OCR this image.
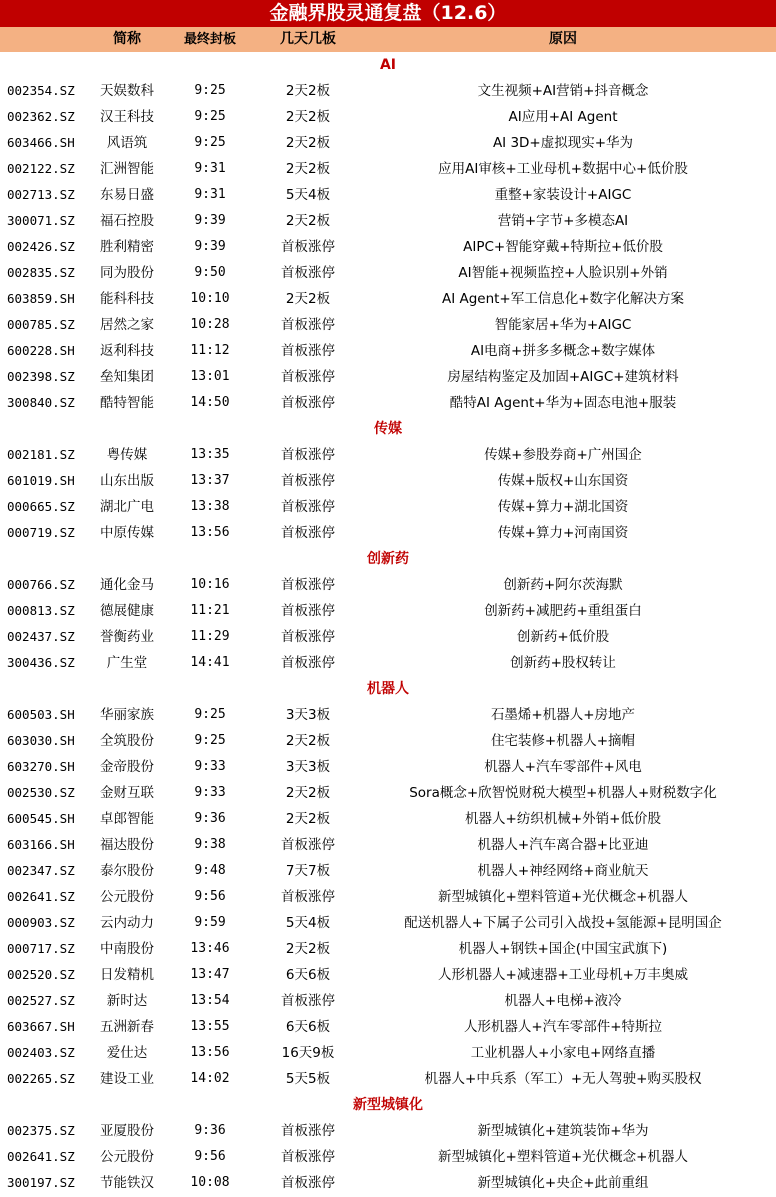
金融界股灵通复盘（12.6）
简称	最终封板	几天几板	原因
AI
002354.SZ	天娱数科	9:25	2天2板	文生视频+AI营销+抖音概念
002362.SZ	汉王科技	9:25	2天2板	AI应用+AI Agent
603466.SH	风语筑	9:25	2天2板	AI 3D+虚拟现实+华为
002122.SZ	汇洲智能	9:31	2天2板	应用AI审核+工业母机+数据中心+低价股
002713.SZ	东易日盛	9:31	5天4板	重整+家装设计+AIGC
300071.SZ	福石控股	9:39	2天2板	营销+字节+多模态AI
002426.SZ	胜利精密	9:39	首板涨停	AIPC+智能穿戴+特斯拉+低价股
002835.SZ	同为股份	9:50	首板涨停	AI智能+视频监控+人脸识别+外销
603859.SH	能科科技	10:10	2天2板	AI Agent+军工信息化+数字化解决方案
000785.SZ	居然之家	10:28	首板涨停	智能家居+华为+AIGC
600228.SH	返利科技	11:12	首板涨停	AI电商+拼多多概念+数字媒体
002398.SZ	垒知集团	13:01	首板涨停	房屋结构鉴定及加固+AIGC+建筑材料
300840.SZ	酷特智能	14:50	首板涨停	酷特AI Agent+华为+固态电池+服装
传媒
002181.SZ	粤传媒	13:35	首板涨停	传媒+参股券商+广州国企
601019.SH	山东出版	13:37	首板涨停	传媒+版权+山东国资
000665.SZ	湖北广电	13:38	首板涨停	传媒+算力+湖北国资
000719.SZ	中原传媒	13:56	首板涨停	传媒+算力+河南国资
创新药
000766.SZ	通化金马	10:16	首板涨停	创新药+阿尔茨海默
000813.SZ	德展健康	11:21	首板涨停	创新药+减肥药+重组蛋白
002437.SZ	誉衡药业	11:29	首板涨停	创新药+低价股
300436.SZ	广生堂	14:41	首板涨停	创新药+股权转让
机器人
600503.SH	华丽家族	9:25	3天3板	石墨烯+机器人+房地产
603030.SH	全筑股份	9:25	2天2板	住宅装修+机器人+摘帽
603270.SH	金帝股份	9:33	3天3板	机器人+汽车零部件+风电
002530.SZ	金财互联	9:33	2天2板	Sora概念+欣智悦财税大模型+机器人+财税数字化
600545.SH	卓郎智能	9:36	2天2板	机器人+纺织机械+外销+低价股
603166.SH	福达股份	9:38	首板涨停	机器人+汽车离合器+比亚迪
002347.SZ	泰尔股份	9:48	7天7板	机器人+神经网络+商业航天
002641.SZ	公元股份	9:56	首板涨停	新型城镇化+塑料管道+光伏概念+机器人
000903.SZ	云内动力	9:59	5天4板	配送机器人+下属子公司引入战投+氢能源+昆明国企
000717.SZ	中南股份	13:46	2天2板	机器人+钢铁+国企(中国宝武旗下)
002520.SZ	日发精机	13:47	6天6板	人形机器人+减速器+工业母机+万丰奥威
002527.SZ	新时达	13:54	首板涨停	机器人+电梯+液冷
603667.SH	五洲新春	13:55	6天6板	人形机器人+汽车零部件+特斯拉
002403.SZ	爱仕达	13:56	16天9板	工业机器人+小家电+网络直播
002265.SZ	建设工业	14:02	5天5板	机器人+中兵系（军工）+无人驾驶+购买股权
新型城镇化
002375.SZ	亚厦股份	9:36	首板涨停	新型城镇化+建筑装饰+华为
002641.SZ	公元股份	9:56	首板涨停	新型城镇化+塑料管道+光伏概念+机器人
300197.SZ	节能铁汉	10:08	首板涨停	新型城镇化+央企+此前重组
